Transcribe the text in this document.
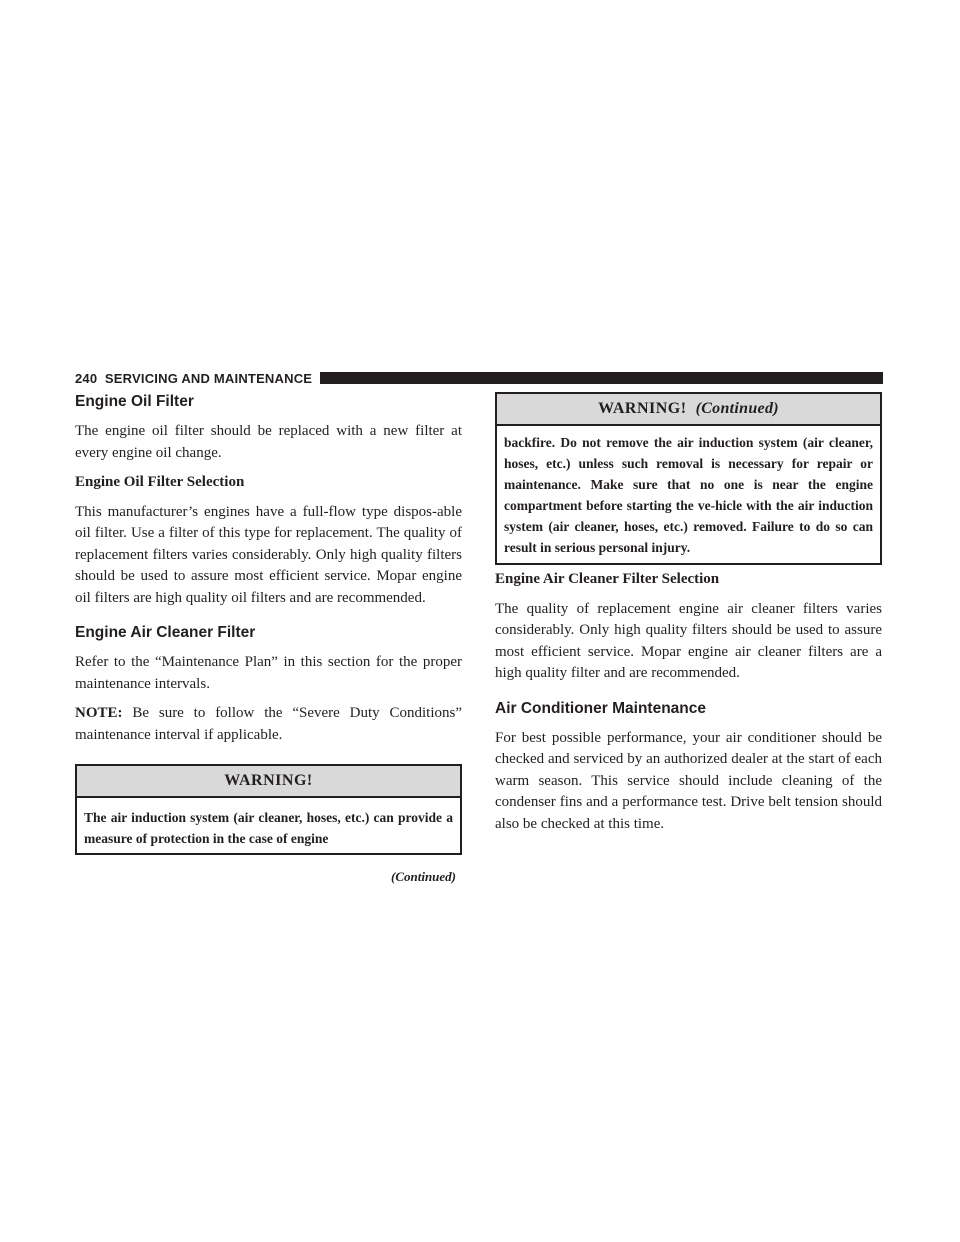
240 SERVICING AND MAINTENANCE
Engine Oil Filter

The engine oil filter should be replaced with a new filter at every engine oil change.

Engine Oil Filter Selection

This manufacturer’s engines have a full-flow type dispos-able oil filter. Use a filter of this type for replacement. The quality of replacement filters varies considerably. Only high quality filters should be used to assure most efficient service. Mopar engine oil filters are high quality oil filters and are recommended.

Engine Air Cleaner Filter

Refer to the “Maintenance Plan” in this section for the proper maintenance intervals.

NOTE: Be sure to follow the “Severe Duty Conditions” maintenance interval if applicable.

WARNING!
The air induction system (air cleaner, hoses, etc.) can provide a measure of protection in the case of engine
(Continued)
WARNING! (Continued)
backfire. Do not remove the air induction system (air cleaner, hoses, etc.) unless such removal is necessary for repair or maintenance. Make sure that no one is near the engine compartment before starting the ve-hicle with the air induction system (air cleaner, hoses, etc.) removed. Failure to do so can result in serious personal injury.

Engine Air Cleaner Filter Selection

The quality of replacement engine air cleaner filters varies considerably. Only high quality filters should be used to assure most efficient service. Mopar engine air cleaner filters are a high quality filter and are recommended.

Air Conditioner Maintenance

For best possible performance, your air conditioner should be checked and serviced by an authorized dealer at the start of each warm season. This service should include cleaning of the condenser fins and a performance test. Drive belt tension should also be checked at this time.
